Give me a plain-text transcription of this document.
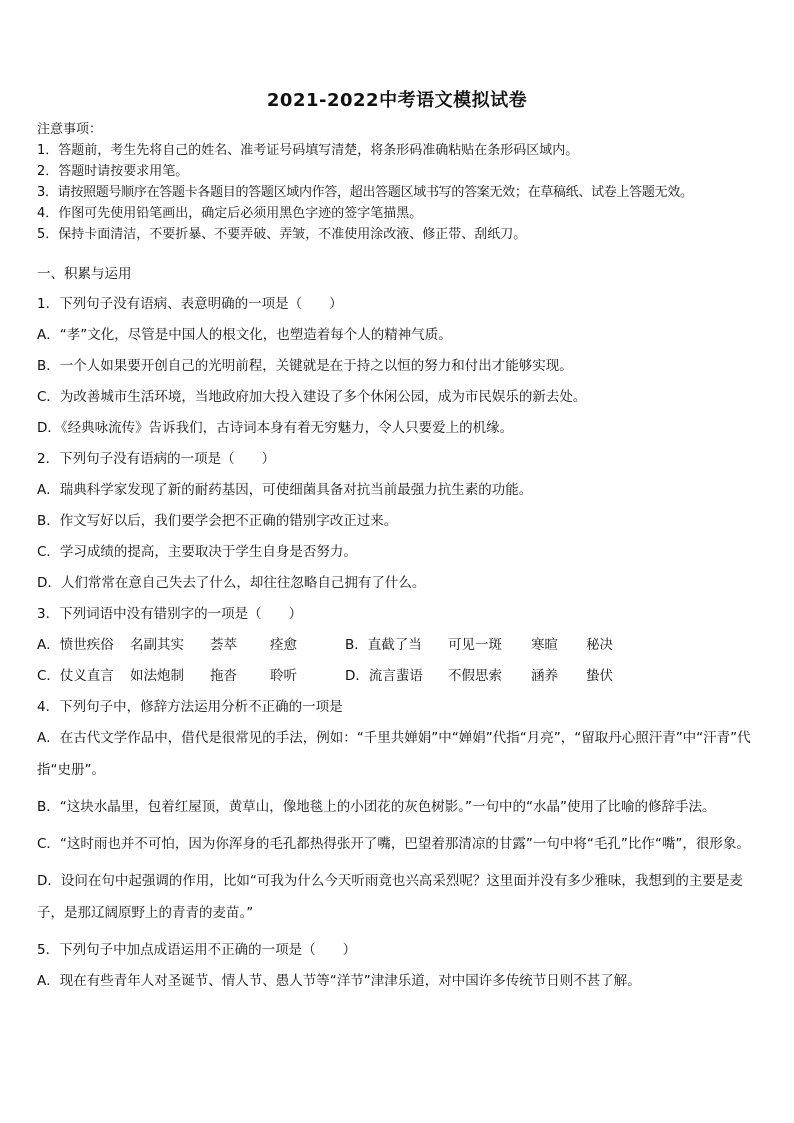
2021-2022中考语文模拟试卷
注意事项：
1．答题前，考生先将自己的姓名、准考证号码填写清楚，将条形码准确粘贴在条形码区域内。
2．答题时请按要求用笔。
3．请按照题号顺序在答题卡各题目的答题区域内作答，超出答题区域书写的答案无效；在草稿纸、试卷上答题无效。
4．作图可先使用铅笔画出，确定后必须用黑色字迹的签字笔描黑。
5．保持卡面清洁，不要折暴、不要弄破、弄皱，不准使用涂改液、修正带、刮纸刀。
一、积累与运用
1．下列句子没有语病、表意明确的一项是（　　）
A．“孝”文化，尽管是中国人的根文化，也塑造着每个人的精神气质。
B．一个人如果要开创自己的光明前程，关键就是在于持之以恒的努力和付出才能够实现。
C．为改善城市生活环境，当地政府加大投入建设了多个休闲公园，成为市民娱乐的新去处。
D．《经典咏流传》告诉我们，古诗词本身有着无穷魅力，令人只要爱上的机缘。
2．下列句子没有语病的一项是（　　）
A．瑞典科学家发现了新的耐药基因，可使细菌具备对抗当前最强力抗生素的功能。
B．作文写好以后，我们要学会把不正确的错别字改正过来。
C．学习成绩的提高，主要取决于学生自身是否努力。
D．人们常常在意自己失去了什么，却往往忽略自己拥有了什么。
3．下列词语中没有错别字的一项是（　　）
A．愤世疾俗 名副其实 荟萃 痊愈	B．直截了当 可见一斑 寒暄 秘决
C．仗义直言 如法炮制 拖沓 聆听	D．流言蜚语 不假思索 涵养 蛰伏
4．下列句子中，修辞方法运用分析不正确的一项是
A．在古代文学作品中，借代是很常见的手法，例如：“千里共婵娟”中“婵娟”代指“月亮”，“留取丹心照汗青”中“汗青”代指“史册”。
B．“这块水晶里，包着红屋顶，黄草山，像地毯上的小团花的灰色树影。”一句中的“水晶”使用了比喻的修辞手法。
C．“这时雨也并不可怕，因为你浑身的毛孔都热得张开了嘴，巴望着那清凉的甘露”一句中将“毛孔”比作“嘴”，很形象。
D．设问在句中起强调的作用，比如“可我为什么今天听雨竟也兴高采烈呢？这里面并没有多少雅味，我想到的主要是麦子，是那辽阔原野上的青青的麦苗。”
5．下列句子中加点成语运用不正确的一项是（　　）
A．现在有些青年人对圣诞节、情人节、愚人节等“洋节”津津乐道，对中国许多传统节日则不甚了解。
